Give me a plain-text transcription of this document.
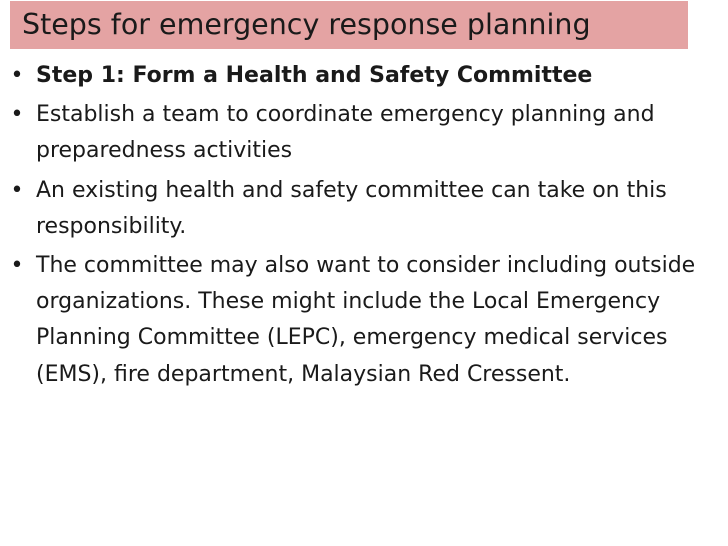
Steps for emergency response planning
• Step 1: Form a Health and Safety Committee
• Establish a team to coordinate emergency planning and preparedness activities
• An existing health and safety committee can take on this responsibility.
• The committee may also want to consider including outside organizations. These might include the Local Emergency Planning Committee (LEPC), emergency medical services (EMS), fire department, Malaysian Red Cressent.
